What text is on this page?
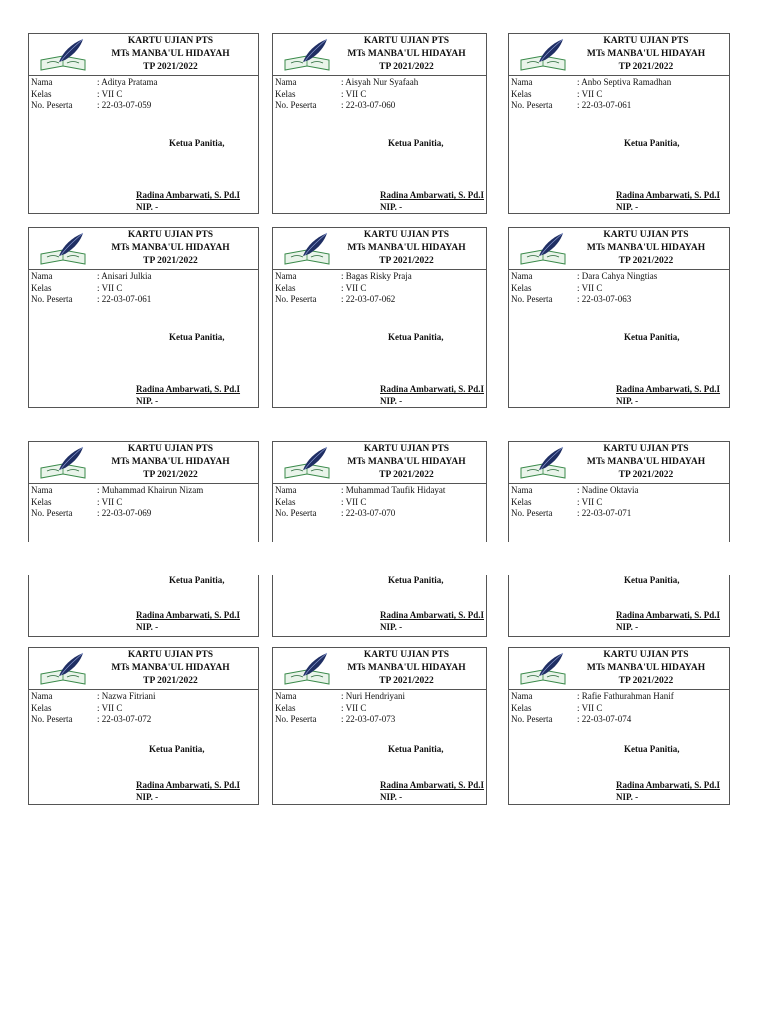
KARTU UJIAN PTS
MTs MANBA'UL HIDAYAH
TP 2021/2022
Nama	: Aditya Pratama
Kelas	: VII C
No. Peserta	: 22-03-07-059
Ketua Panitia,
Radina Ambarwati, S. Pd.I
NIP. -
KARTU UJIAN PTS
MTs MANBA'UL HIDAYAH
TP 2021/2022
Nama	: Aisyah Nur Syafaah
Kelas	: VII C
No. Peserta	: 22-03-07-060
Ketua Panitia,
Radina Ambarwati, S. Pd.I
NIP. -
KARTU UJIAN PTS
MTs MANBA'UL HIDAYAH
TP 2021/2022
Nama	: Anbo Septiva Ramadhan
Kelas	: VII C
No. Peserta	: 22-03-07-061
Ketua Panitia,
Radina Ambarwati, S. Pd.I
NIP. -
KARTU UJIAN PTS
MTs MANBA'UL HIDAYAH
TP 2021/2022
Nama	: Anisari Julkia
Kelas	: VII C
No. Peserta	: 22-03-07-061
Ketua Panitia,
Radina Ambarwati, S. Pd.I
NIP. -
KARTU UJIAN PTS
MTs MANBA'UL HIDAYAH
TP 2021/2022
Nama	: Bagas Risky Praja
Kelas	: VII C
No. Peserta	: 22-03-07-062
Ketua Panitia,
Radina Ambarwati, S. Pd.I
NIP. -
KARTU UJIAN PTS
MTs MANBA'UL HIDAYAH
TP 2021/2022
Nama	: Dara Cahya Ningtias
Kelas	: VII C
No. Peserta	: 22-03-07-063
Ketua Panitia,
Radina Ambarwati, S. Pd.I
NIP. -
KARTU UJIAN PTS
MTs MANBA'UL HIDAYAH
TP 2021/2022
Nama	: Muhammad Khairun Nizam
Kelas	: VII C
No. Peserta	: 22-03-07-069
Ketua Panitia,
Radina Ambarwati, S. Pd.I
NIP. -
KARTU UJIAN PTS
MTs MANBA'UL HIDAYAH
TP 2021/2022
Nama	: Muhammad Taufik Hidayat
Kelas	: VII C
No. Peserta	: 22-03-07-070
Ketua Panitia,
Radina Ambarwati, S. Pd.I
NIP. -
KARTU UJIAN PTS
MTs MANBA'UL HIDAYAH
TP 2021/2022
Nama	: Nadine Oktavia
Kelas	: VII C
No. Peserta	: 22-03-07-071
Ketua Panitia,
Radina Ambarwati, S. Pd.I
NIP. -
KARTU UJIAN PTS
MTs MANBA'UL HIDAYAH
TP 2021/2022
Nama	: Nazwa Fitriani
Kelas	: VII C
No. Peserta	: 22-03-07-072
Ketua Panitia,
Radina Ambarwati, S. Pd.I
NIP. -
KARTU UJIAN PTS
MTs MANBA'UL HIDAYAH
TP 2021/2022
Nama	: Nuri Hendriyani
Kelas	: VII C
No. Peserta	: 22-03-07-073
Ketua Panitia,
Radina Ambarwati, S. Pd.I
NIP. -
KARTU UJIAN PTS
MTs MANBA'UL HIDAYAH
TP 2021/2022
Nama	: Rafie Fathurahman Hanif
Kelas	: VII C
No. Peserta	: 22-03-07-074
Ketua Panitia,
Radina Ambarwati, S. Pd.I
NIP. -
